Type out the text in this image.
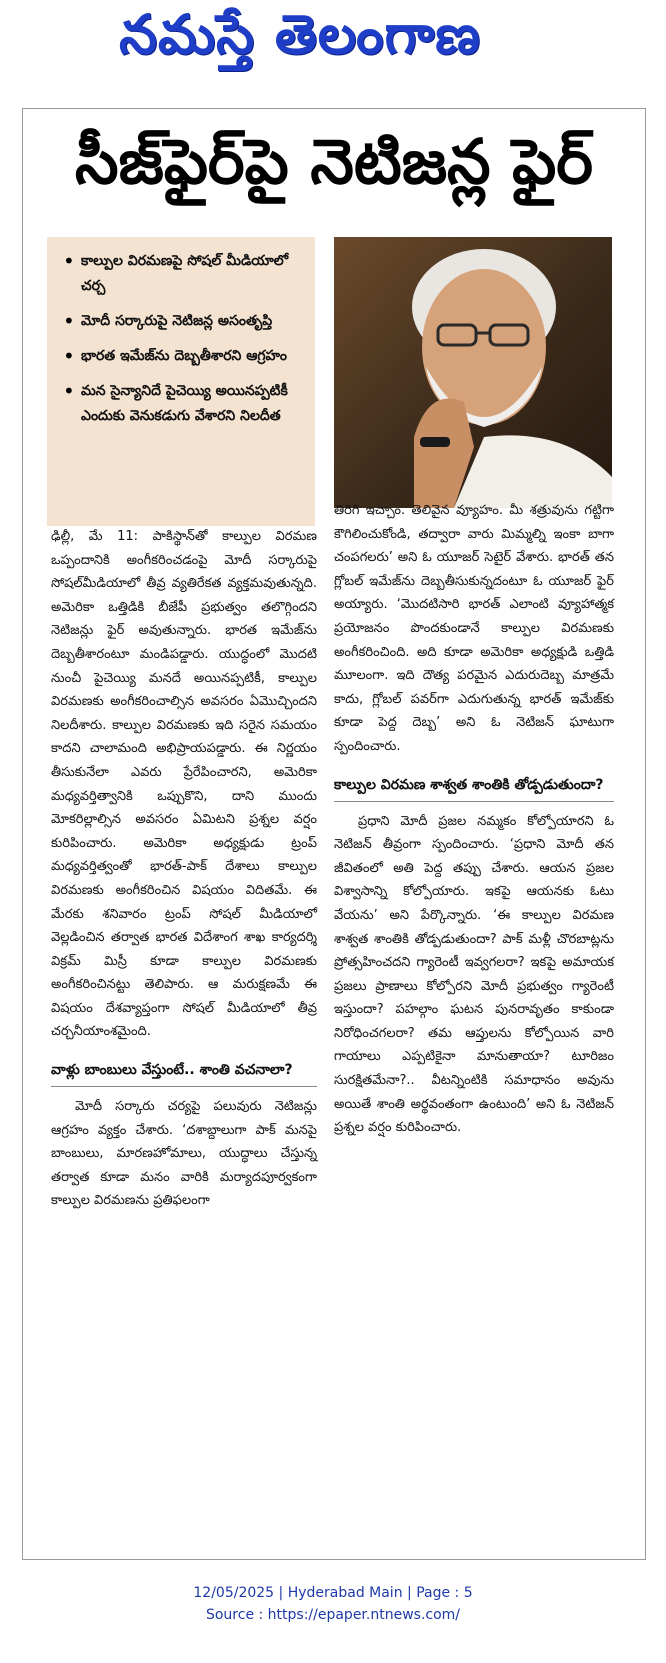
నమస్తే తెలంగాణ
సీజ్‌ఫైర్‌పై నెటిజన్ల ఫైర్
• కాల్పుల విరమణపై సోషల్ మీడియాలో చర్చ
• మోదీ సర్కారుపై నెటిజన్ల అసంతృప్తి
• భారత ఇమేజ్‌ను దెబ్బతీశారని ఆగ్రహం
• మన సైన్యానిదే పైచెయ్యి అయినప్పటికీ ఎందుకు వెనుకడుగు వేశారని నిలదీత

ఢిల్లీ, మే 11: పాకిస్థాన్‌తో కాల్పుల విరమణ ఒప్పందానికి అంగీకరించడంపై మోదీ సర్కారుపై సోషల్‌మీడియాలో తీవ్ర వ్యతిరేకత వ్యక్తమవుతున్నది. అమెరికా ఒత్తిడికి బీజేపీ ప్రభుత్వం తలొగ్గిందని నెటిజన్లు ఫైర్ అవుతున్నారు. భారత ఇమేజ్‌ను దెబ్బతీశారంటూ మండిపడ్డారు. యుద్ధంలో మొదటి నుంచీ పైచెయ్యి మనదే అయినప్పటికీ, కాల్పుల విరమణకు అంగీకరించాల్సిన అవసరం ఏమొచ్చిందని నిలదీశారు. కాల్పుల విరమణకు ఇది సరైన సమయం కాదని చాలామంది అభిప్రాయపడ్డారు. ఈ నిర్ణయం తీసుకునేలా ఎవరు ప్రేరేపించారని, అమెరికా మధ్యవర్తిత్వానికి ఒప్పుకొని, దాని ముందు మోకరిల్లాల్సిన అవసరం ఏమిటని ప్రశ్నల వర్షం కురిపించారు. అమెరికా అధ్యక్షుడు ట్రంప్ మధ్యవర్తిత్వంతో భారత్-పాక్ దేశాలు కాల్పుల విరమణకు అంగీకరించిన విషయం విదితమే. ఈ మేరకు శనివారం ట్రంప్ సోషల్ మీడియాలో వెల్లడించిన తర్వాత భారత విదేశాంగ శాఖ కార్యదర్శి విక్రమ్ మిస్రీ కూడా కాల్పుల విరమణకు అంగీకరించినట్టు తెలిపారు. ఆ మరుక్షణమే ఈ విషయం దేశవ్యాప్తంగా సోషల్ మీడియాలో తీవ్ర చర్చనీయాంశమైంది.

వాళ్లు బాంబులు వేస్తుంటే.. శాంతి వచనాలా?

మోదీ సర్కారు చర్యపై పలువురు నెటిజన్లు ఆగ్రహం వ్యక్తం చేశారు. ‘దశాబ్దాలుగా పాక్ మనపై బాంబులు, మారణహోమాలు, యుద్ధాలు చేస్తున్న తర్వాత కూడా మనం వారికి మర్యాదపూర్వకంగా కాల్పుల విరమణను ప్రతిఫలంగా

తిరిగి ఇచ్చాం. తెలివైన వ్యూహం. మీ శత్రువును గట్టిగా కౌగిలించుకోండి, తద్వారా వారు మిమ్మల్ని ఇంకా బాగా చంపగలరు’ అని ఓ యూజర్ సెటైర్ వేశారు. భారత్ తన గ్లోబల్ ఇమేజ్‌ను దెబ్బతీసుకున్నదంటూ ఓ యూజర్ ఫైర్ అయ్యారు. ‘మొదటిసారి భారత్ ఎలాంటి వ్యూహాత్మక ప్రయోజనం పొందకుండానే కాల్పుల విరమణకు అంగీకరించింది. అది కూడా అమెరికా అధ్యక్షుడి ఒత్తిడి మూలంగా. ఇది దౌత్య పరమైన ఎదురుదెబ్బ మాత్రమే కాదు, గ్లోబల్ పవర్‌గా ఎదుగుతున్న భారత్ ఇమేజ్‌కు కూడా పెద్ద దెబ్బ’ అని ఓ నెటిజన్ ఘాటుగా స్పందించారు.

కాల్పుల విరమణ శాశ్వత శాంతికి తోడ్పడుతుందా?

ప్రధాని మోదీ ప్రజల నమ్మకం కోల్పోయారని ఓ నెటిజన్ తీవ్రంగా స్పందించారు. ‘ప్రధాని మోదీ తన జీవితంలో అతి పెద్ద తప్పు చేశారు. ఆయన ప్రజల విశ్వాసాన్ని కోల్పోయారు. ఇకపై ఆయనకు ఓటు వేయను’ అని పేర్కొన్నారు. ‘ఈ కాల్పుల విరమణ శాశ్వత శాంతికి తోడ్పడుతుందా? పాక్ మళ్లీ చొరబాట్లను ప్రోత్సహించదని గ్యారెంటీ ఇవ్వగలరా? ఇకపై అమాయక ప్రజలు ప్రాణాలు కోల్పోరని మోదీ ప్రభుత్వం గ్యారెంటీ ఇస్తుందా? పహల్గాం ఘటన పునరావృతం కాకుండా నిరోధించగలరా? తమ ఆప్తులను కోల్పోయిన వారి గాయాలు ఎప్పటికైనా మానుతాయా? టూరిజం సురక్షితమేనా?.. వీటన్నింటికి సమాధానం అవును అయితే శాంతి అర్థవంతంగా ఉంటుంది’ అని ఓ నెటిజన్ ప్రశ్నల వర్షం కురిపించారు.

12/05/2025 | Hyderabad Main | Page : 5
Source : https://epaper.ntnews.com/
